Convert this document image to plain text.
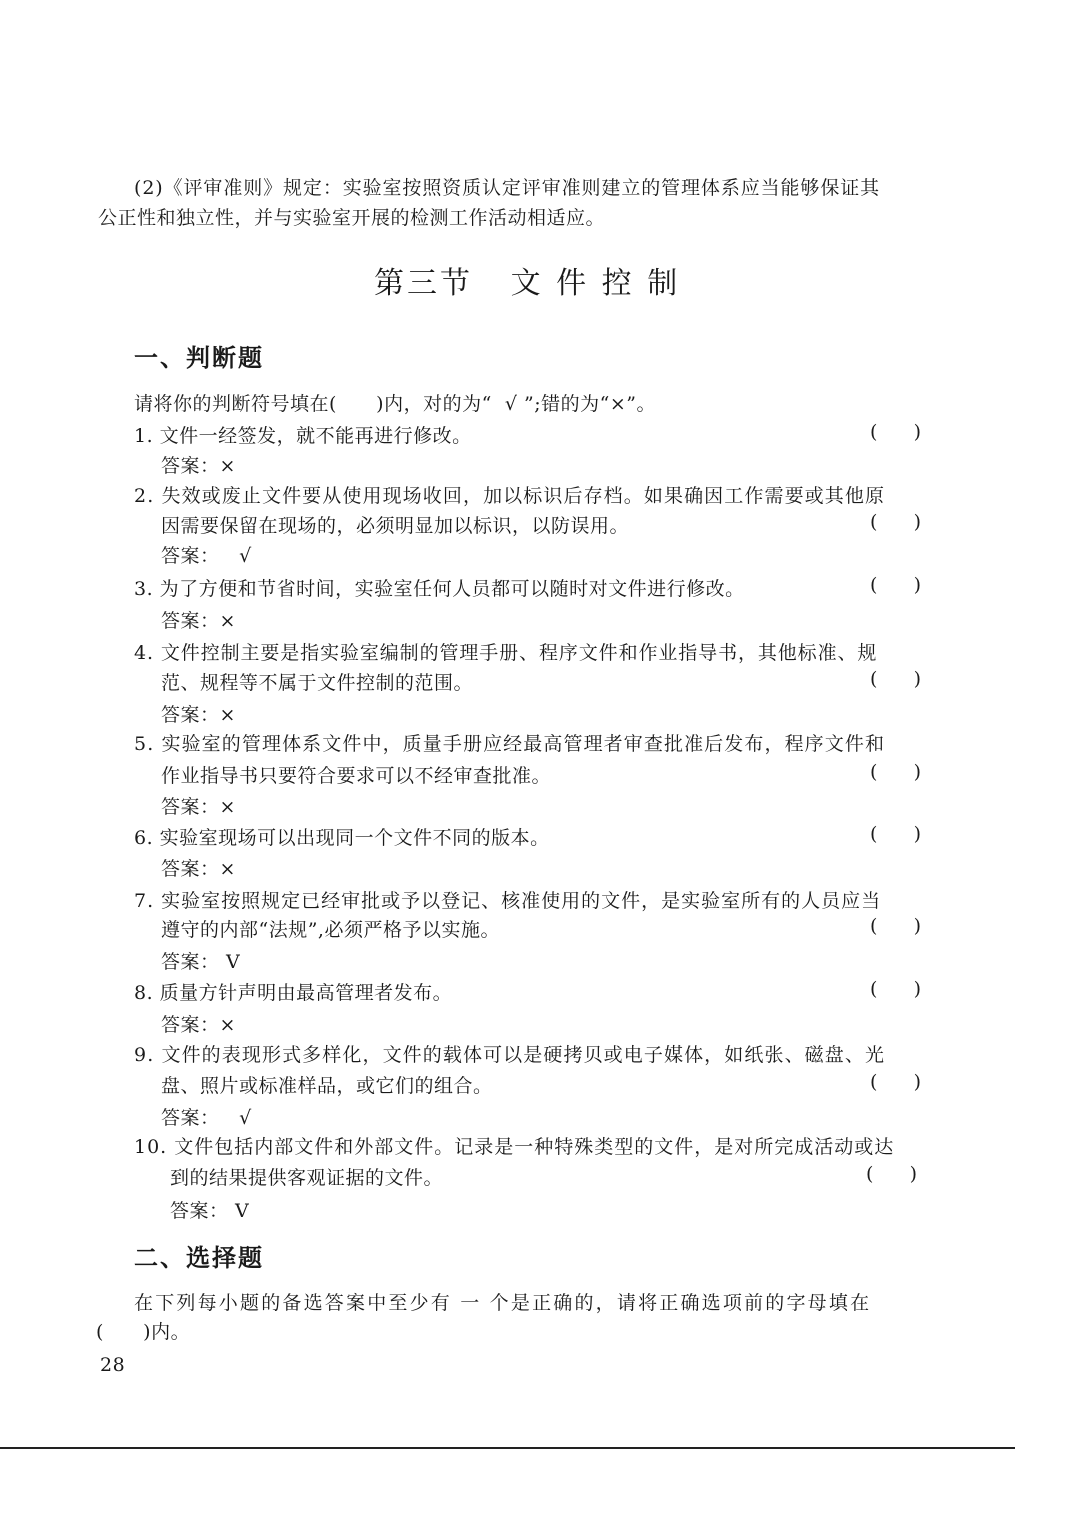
(2)《评审准则》规定：实验室按照资质认定评审准则建立的管理体系应当能够保证其
公正性和独立性，并与实验室开展的检测工作活动相适应。
第三节   文 件 控 制
一、判断题
请将你的判断符号填在(      )内，对的为“  √ ”;错的为“×”。
1. 文件一经签发，就不能再进行修改。	(      )
答案：×
2. 失效或废止文件要从使用现场收回，加以标识后存档。如果确因工作需要或其他原
因需要保留在现场的，必须明显加以标识，以防误用。	(      )
答案：   √
3. 为了方便和节省时间，实验室任何人员都可以随时对文件进行修改。	(      )
答案：×
4. 文件控制主要是指实验室编制的管理手册、程序文件和作业指导书，其他标准、规
范、规程等不属于文件控制的范围。	(      )
答案：×
5. 实验室的管理体系文件中，质量手册应经最高管理者审查批准后发布，程序文件和
作业指导书只要符合要求可以不经审查批准。	(      )
答案：×
6. 实验室现场可以出现同一个文件不同的版本。	(      )
答案：×
7. 实验室按照规定已经审批或予以登记、核准使用的文件，是实验室所有的人员应当
遵守的内部“法规”,必须严格予以实施。	(      )
答案： V
8. 质量方针声明由最高管理者发布。	(      )
答案：×
9. 文件的表现形式多样化，文件的载体可以是硬拷贝或电子媒体，如纸张、磁盘、光
盘、照片或标准样品，或它们的组合。	(      )
答案：   √
10. 文件包括内部文件和外部文件。记录是一种特殊类型的文件，是对所完成活动或达
到的结果提供客观证据的文件。	(      )
答案： V
二、选择题
在下列每小题的备选答案中至少有 一 个是正确的，请将正确选项前的字母填在
(      )内。
28
